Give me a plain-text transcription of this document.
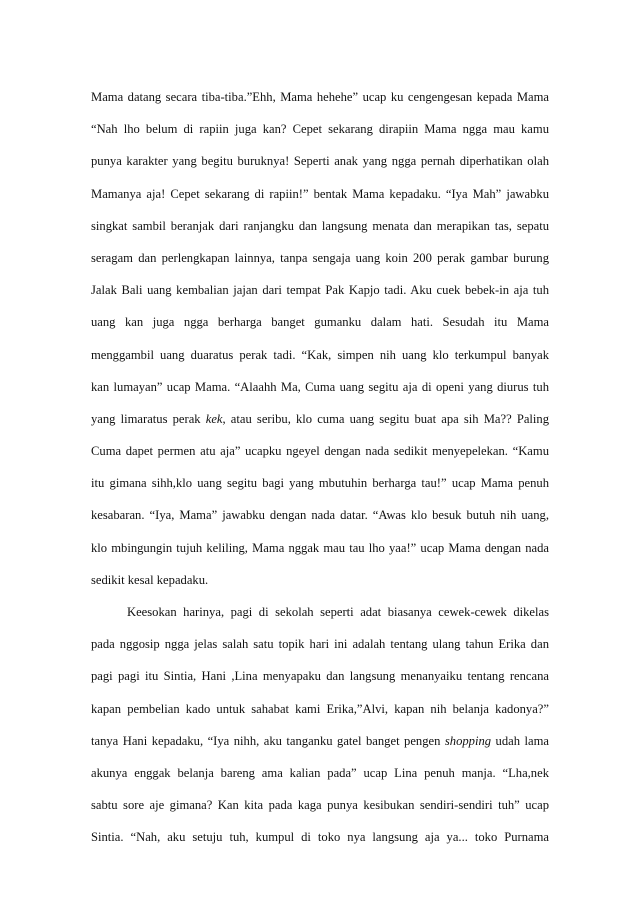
Mama datang secara tiba-tiba.”Ehh, Mama hehehe” ucap ku cengengesan kepada Mama
“Nah lho belum di rapiin juga kan? Cepet sekarang dirapiin Mama ngga mau kamu
punya karakter yang begitu buruknya! Seperti anak yang ngga pernah diperhatikan olah
Mamanya aja! Cepet sekarang di rapiin!” bentak Mama kepadaku. “Iya Mah” jawabku
singkat sambil beranjak dari ranjangku dan langsung menata dan merapikan tas, sepatu
seragam dan perlengkapan lainnya, tanpa sengaja uang koin 200 perak gambar burung
Jalak Bali uang kembalian jajan dari tempat Pak Kapjo tadi. Aku cuek bebek-in aja tuh
uang kan juga ngga berharga banget gumanku dalam hati. Sesudah itu Mama
menggambil uang duaratus perak tadi. “Kak, simpen nih uang klo terkumpul banyak
kan lumayan” ucap Mama. “Alaahh Ma, Cuma uang segitu aja di openi yang diurus tuh
yang limaratus perak kek, atau seribu, klo cuma uang segitu buat apa sih Ma?? Paling
Cuma dapet permen atu aja” ucapku ngeyel dengan nada sedikit menyepelekan. “Kamu
itu gimana sihh,klo uang segitu bagi yang mbutuhin berharga tau!” ucap Mama penuh
kesabaran. “Iya, Mama” jawabku dengan nada datar. “Awas klo besuk butuh nih uang,
klo mbingungin tujuh keliling, Mama nggak mau tau lho yaa!” ucap Mama dengan nada
sedikit kesal kepadaku.
Keesokan harinya, pagi di sekolah seperti adat biasanya cewek-cewek dikelas
pada nggosip ngga jelas salah satu topik hari ini adalah tentang ulang tahun Erika dan
pagi pagi itu Sintia, Hani ,Lina menyapaku dan langsung menanyaiku tentang rencana
kapan pembelian kado untuk sahabat kami Erika,”Alvi, kapan nih belanja kadonya?”
tanya Hani kepadaku, “Iya nihh, aku tanganku gatel banget pengen shopping udah lama
akunya enggak belanja bareng ama kalian pada” ucap Lina penuh manja. “Lha,nek
sabtu sore aje gimana? Kan kita pada kaga punya kesibukan sendiri-sendiri tuh” ucap
Sintia. “Nah, aku setuju tuh, kumpul di toko nya langsung aja ya... toko Purnama
